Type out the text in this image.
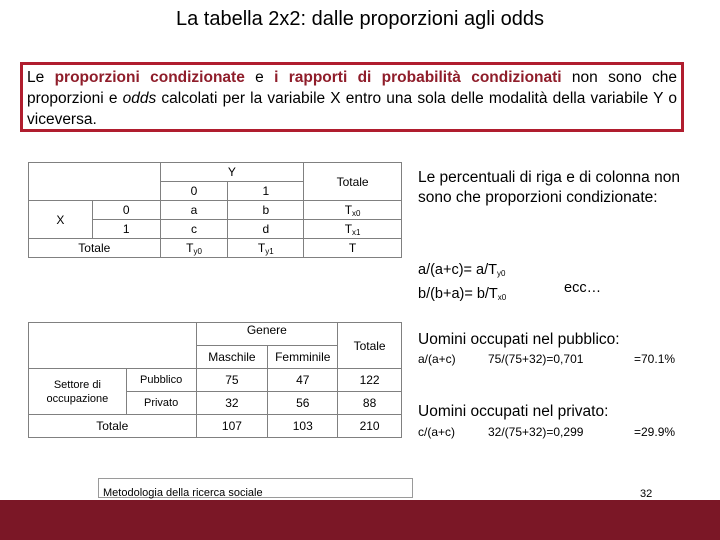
La tabella 2x2: dalle proporzioni agli odds
Le proporzioni condizionate e i rapporti di probabilità condizionati non sono che proporzioni e odds calcolati per la variabile X entro una sola delle modalità della variabile Y o viceversa.
		Y		Totale
		0	1	
X	0	a	b	$T_{x0}$
	1	c	d	$T_{x1}$
Totale		$T_{y0}$	$T_{y1}$	T
		Genere		Totale
		Maschile	Femminile	
Settore di occupazione	Pubblico	75	47	122
	Privato	32	56	88
Totale		107	103	210
Le percentuali di riga e di colonna non sono che proporzioni condizionate:
$a/(a+c)= a/T_{y0}$
$b/(b+a)= b/T_{x0}$
ecc…
Uomini occupati nel pubblico:
a/(a+c)	75/(75+32)=0,701	=70.1%
Uomini occupati nel privato:
c/(a+c)	32/(75+32)=0,299	=29.9%
Metodologia della ricerca sociale	32
